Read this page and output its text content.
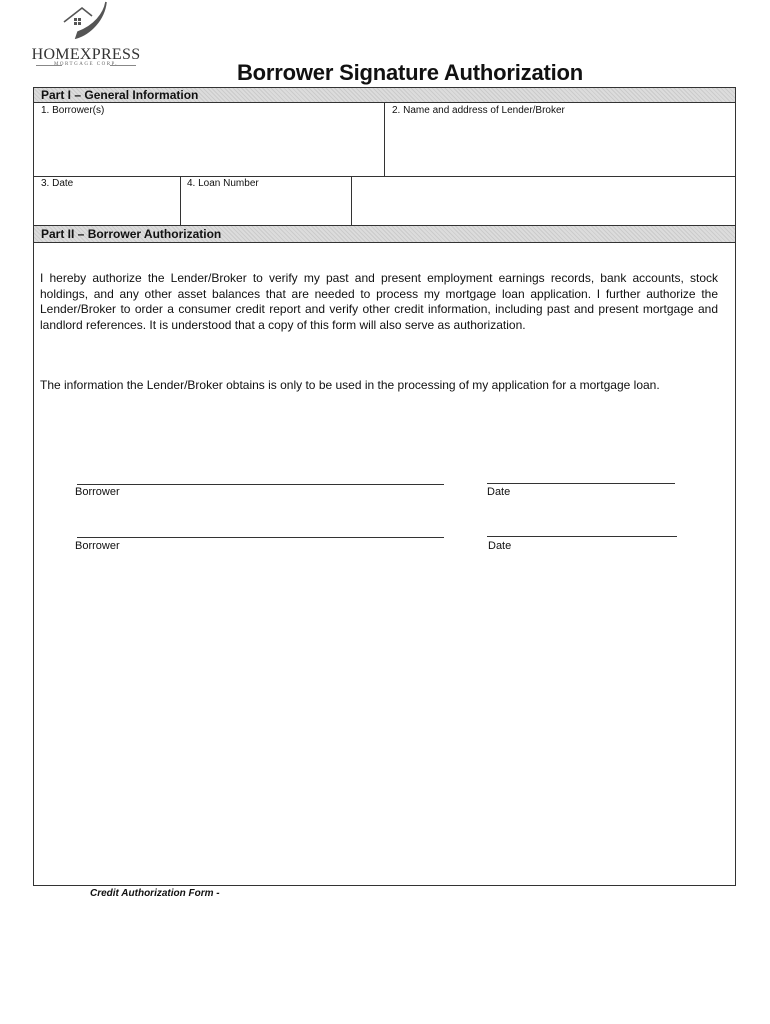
HOMEXPRESS
MORTGAGE CORP.	Borrower Signature Authorization
Part I – General Information
1. Borrower(s)	2. Name and address of Lender/Broker
3. Date	4. Loan Number
Part II – Borrower Authorization
I hereby authorize the Lender/Broker to verify my past and present employment earnings records, bank accounts, stock holdings, and any other asset balances that are needed to process my mortgage loan application. I further authorize the Lender/Broker to order a consumer credit report and verify other credit information, including past and present mortgage and landlord references. It is understood that a copy of this form will also serve as authorization.
The information the Lender/Broker obtains is only to be used in the processing of my application for a mortgage loan.
Borrower	Date
Borrower	Date
Credit Authorization Form -
